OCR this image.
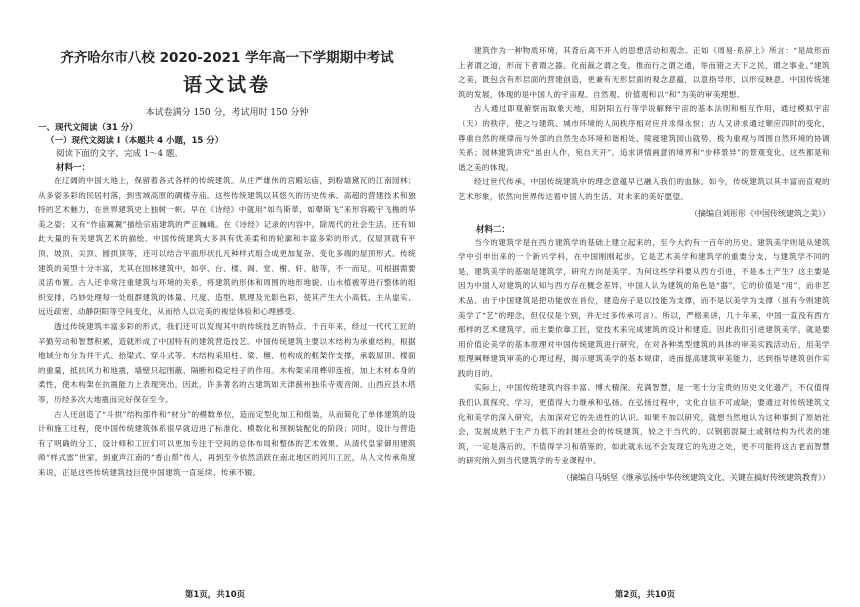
齐齐哈尔市八校 2020-2021 学年高一下学期期中考试
语文试卷
本试卷满分 150 分，考试用时 150 分钟
一、现代文阅读（31 分）
（一）现代文阅读 I（本题共 4 小题，15 分）
阅读下面的文字，完成 1～4 题。
材料一：

在辽阔的中国大地上，保留着各式各样的传统建筑。从庄严雄伟的宫殿坛庙，到粉墙黛瓦的江南园林；从多姿多彩的民居村落，到雪域高原的碉楼寺庙。这些传统建筑以其悠久的历史传承、高超的营建技术和独特的艺术魅力，在世界建筑史上独树一帜。早在《诗经》中就用“如鸟斯革，如翚斯飞”来形容殿宇飞檐的华美之姿；又有“作庙翼翼”描绘宗庙建筑的严正巍峨。在《诗经》记录的内容中，除周代的社会生活，还有如此大量的有关建筑艺术的描绘。中国传统建筑大多具有优美柔和的轮廓和丰富多彩的形式，仅屋顶就有平顶、坡顶、尖顶、圆拱顶等，还可以结合平面形状扎凡种样式组合成更加复杂、变化多端的屋顶形式。传统建筑的美型十分丰富，尤其在园林建筑中，如亭、台、楼、阁、堂、榭、轩、舫等，不一而足，可根据需要灵活布置。古人还非常注重建筑与环境的关系，将建筑的形体和周围的地形地貌、山水植被等进行整体的组织安排，巧妙处理每一处组群建筑的体量、尺度、造型、肌理及光影色彩，使其产生大小高低、主从虚实、远近疏密、动静阴阳等空间变化，从而给人以完美的视觉体验和心理感受。

透过传统建筑丰富多彩的形式，我们还可以发现其中的传统技艺的特点。千百年来，经过一代代工匠的辛勤劳动和智慧积累，造就形成了中国特有的建筑营造技艺。中国传统建筑主要以木结构为承重结构，根据地域分布分为井干式、抬梁式、穿斗式等。木结构采用柱、梁、檩、枋构成的框架作支撑，承载屋顶、楼面的重量，抵抗风力和地震，墙壁只起围蔽、隔断和稳定柱子的作用。木构架采用榫卯连接，加上木材本身的柔性，使木构架在抗震能力上表现突出，因此，许多著名的古建筑如天津蓟州独乐寺观音阁、山西应县木塔等，历经多次大地震而完好保存至今。

古人还创造了“斗拱”结构部件和“材分”的模数单位，造而定型化加工和组装，从而简化了单体建筑的设计和施工过程，使中国传统建筑体系很早就迈进了标准化、模数化和预制装配化的阶段；同时，设计与营造有了明确的分工，设计师和工匠们可以更加专注于空间的总体布局和整体的艺术效果。从清代皇家御用建筑师“样式雷”世家，到重声江南的“香山帮”传人，再到至今依然活跃在南北地区的河川工匠，从人文传承角度来说，正是这些传统建筑技巨使中国建筑一直延续、传承不辍。

第1页，共10页

建筑作为一种物质环境，其背后离不开人的思想活动和观念。正如《周易·系辞上》所言：“是故形而上者谓之道，形而下者谓之器。化而裁之谓之变，推而行之谓之通，举而错之天下之民，谓之事业。”建筑之美，既包含有形层面的营建创造，更兼有无形层面的观念意蕴，以意指导形，以形反映意。中国传统建筑的发展，体现的是中国人的宇宙观、自然观、价值观和以“和”为美的审美理想。

古人通过即观俯察而取象天地，用阴阳五行等学说解释宇宙的基本法则和相互作用，通过模拟宇宙（天）的秩序，使之与建筑、城市环境的人间秩序相对应并求得永恒；古人又讲求通过顺应四时的变化，尊重自然的规律而与外部的自然生态环境和谐相处，陵寝建筑园山就势，极为重视与周围自然环境的协调关系；园林建筑讲究“虽由人作，宛自天开”，追求讲情画意的境界和“步移景异”的景观变化，这些都是和谐之美的体现。

经过世代传承，中国传统建筑中的理念意蕴早已融入我们的血脉。如今，传统建筑以其丰富而直观的艺术形象，依然向世界传达着中国人的生活、对未来的美好愿望。

（摘编自刘彤彤《中国传统建筑之美》）
材料二：

当今的建筑学是在西方建筑学的基础上建立起来的，至今大约有一百年的历史。建筑美学则是从建筑学中引申出来的一个新兴学科，在中国刚刚起步，它是艺术美学和建筑学的重要分支，与建筑学不同的是，建筑美学的基础是建筑学，研究方向是美学。为何这些学科要从西方引进，不是本土产生？这主要是因为中国人对建筑的认知与西方存在概念差异，中国人认为建筑的角色是“器”，它的价值是“用”，而非艺术品。由于中国建筑是把功能放在首位，建造房子是以技能为支撑，而不是以美学为支撑（虽有今则建筑美学了“艺”的理念，但仅仅是个别，并无过多传承可言）。所以，严格来讲，几十年来，中国一直没有西方那样的艺术建筑学，而主要依靠工匠，觉技术来完成建筑的设计和建造。因此我们引进建筑美学，就是要用价值论美学的基本原理对中国传统建筑进行研究，在对各种类型建筑的具体的审美实践活动后，用美学原理阐释建筑审美的心理过程，揭示建筑美学的基本规律，进而提高建筑审美能力，达到指导建筑创作实践的目的。

实际上，中国传统建筑内容丰富、博大精深、充满智慧，是一笔十分宝贵的历史文化遗产，不仅值得我们认真探究、学习，更值得大力继承和弘扬。在弘扬过程中，文化自信不可或缺，要通过对传统建筑文化和美学的深入研究，去加深对它的先进性的认识。如果不加以研究，就想当然地认为这种事到了原始社会，发展成熟于生产力低下的封建社会的传统建筑，较之于当代的、以钢筋混凝土或钢结构为代表的建筑，一定是落后的，不值得学习和借鉴的，如此就永远不会发现它的先进之处，更不可能将这古老而智慧的研究纳入到当代建筑学的专业课程中。

（摘编自马炳坚《继承弘扬中华传统建筑文化，关键在搞好传统建筑教育》）
第2页，共10页
